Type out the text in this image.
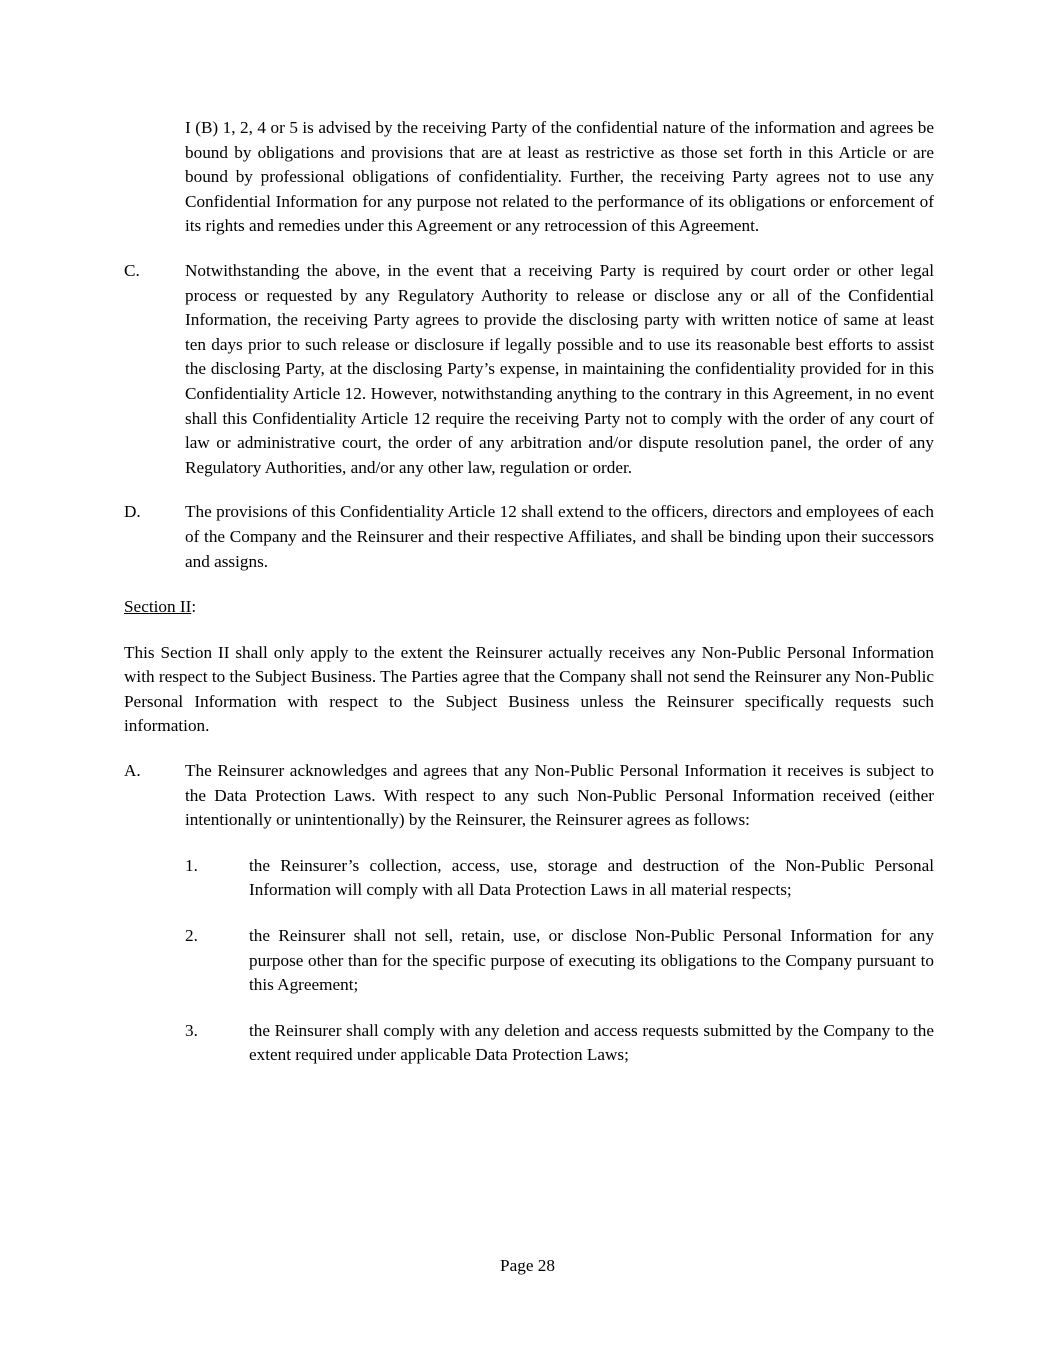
I (B) 1, 2, 4 or 5 is advised by the receiving Party of the confidential nature of the information and agrees be bound by obligations and provisions that are at least as restrictive as those set forth in this Article or are bound by professional obligations of confidentiality. Further, the receiving Party agrees not to use any Confidential Information for any purpose not related to the performance of its obligations or enforcement of its rights and remedies under this Agreement or any retrocession of this Agreement.
C.	Notwithstanding the above, in the event that a receiving Party is required by court order or other legal process or requested by any Regulatory Authority to release or disclose any or all of the Confidential Information, the receiving Party agrees to provide the disclosing party with written notice of same at least ten days prior to such release or disclosure if legally possible and to use its reasonable best efforts to assist the disclosing Party, at the disclosing Party’s expense, in maintaining the confidentiality provided for in this Confidentiality Article 12. However, notwithstanding anything to the contrary in this Agreement, in no event shall this Confidentiality Article 12 require the receiving Party not to comply with the order of any court of law or administrative court, the order of any arbitration and/or dispute resolution panel, the order of any Regulatory Authorities, and/or any other law, regulation or order.
D.	The provisions of this Confidentiality Article 12 shall extend to the officers, directors and employees of each of the Company and the Reinsurer and their respective Affiliates, and shall be binding upon their successors and assigns.
Section II:
This Section II shall only apply to the extent the Reinsurer actually receives any Non-Public Personal Information with respect to the Subject Business. The Parties agree that the Company shall not send the Reinsurer any Non-Public Personal Information with respect to the Subject Business unless the Reinsurer specifically requests such information.
A.	The Reinsurer acknowledges and agrees that any Non-Public Personal Information it receives is subject to the Data Protection Laws. With respect to any such Non-Public Personal Information received (either intentionally or unintentionally) by the Reinsurer, the Reinsurer agrees as follows:
1.	the Reinsurer’s collection, access, use, storage and destruction of the Non-Public Personal Information will comply with all Data Protection Laws in all material respects;
2.	the Reinsurer shall not sell, retain, use, or disclose Non-Public Personal Information for any purpose other than for the specific purpose of executing its obligations to the Company pursuant to this Agreement;
3.	the Reinsurer shall comply with any deletion and access requests submitted by the Company to the extent required under applicable Data Protection Laws;
Page 28
